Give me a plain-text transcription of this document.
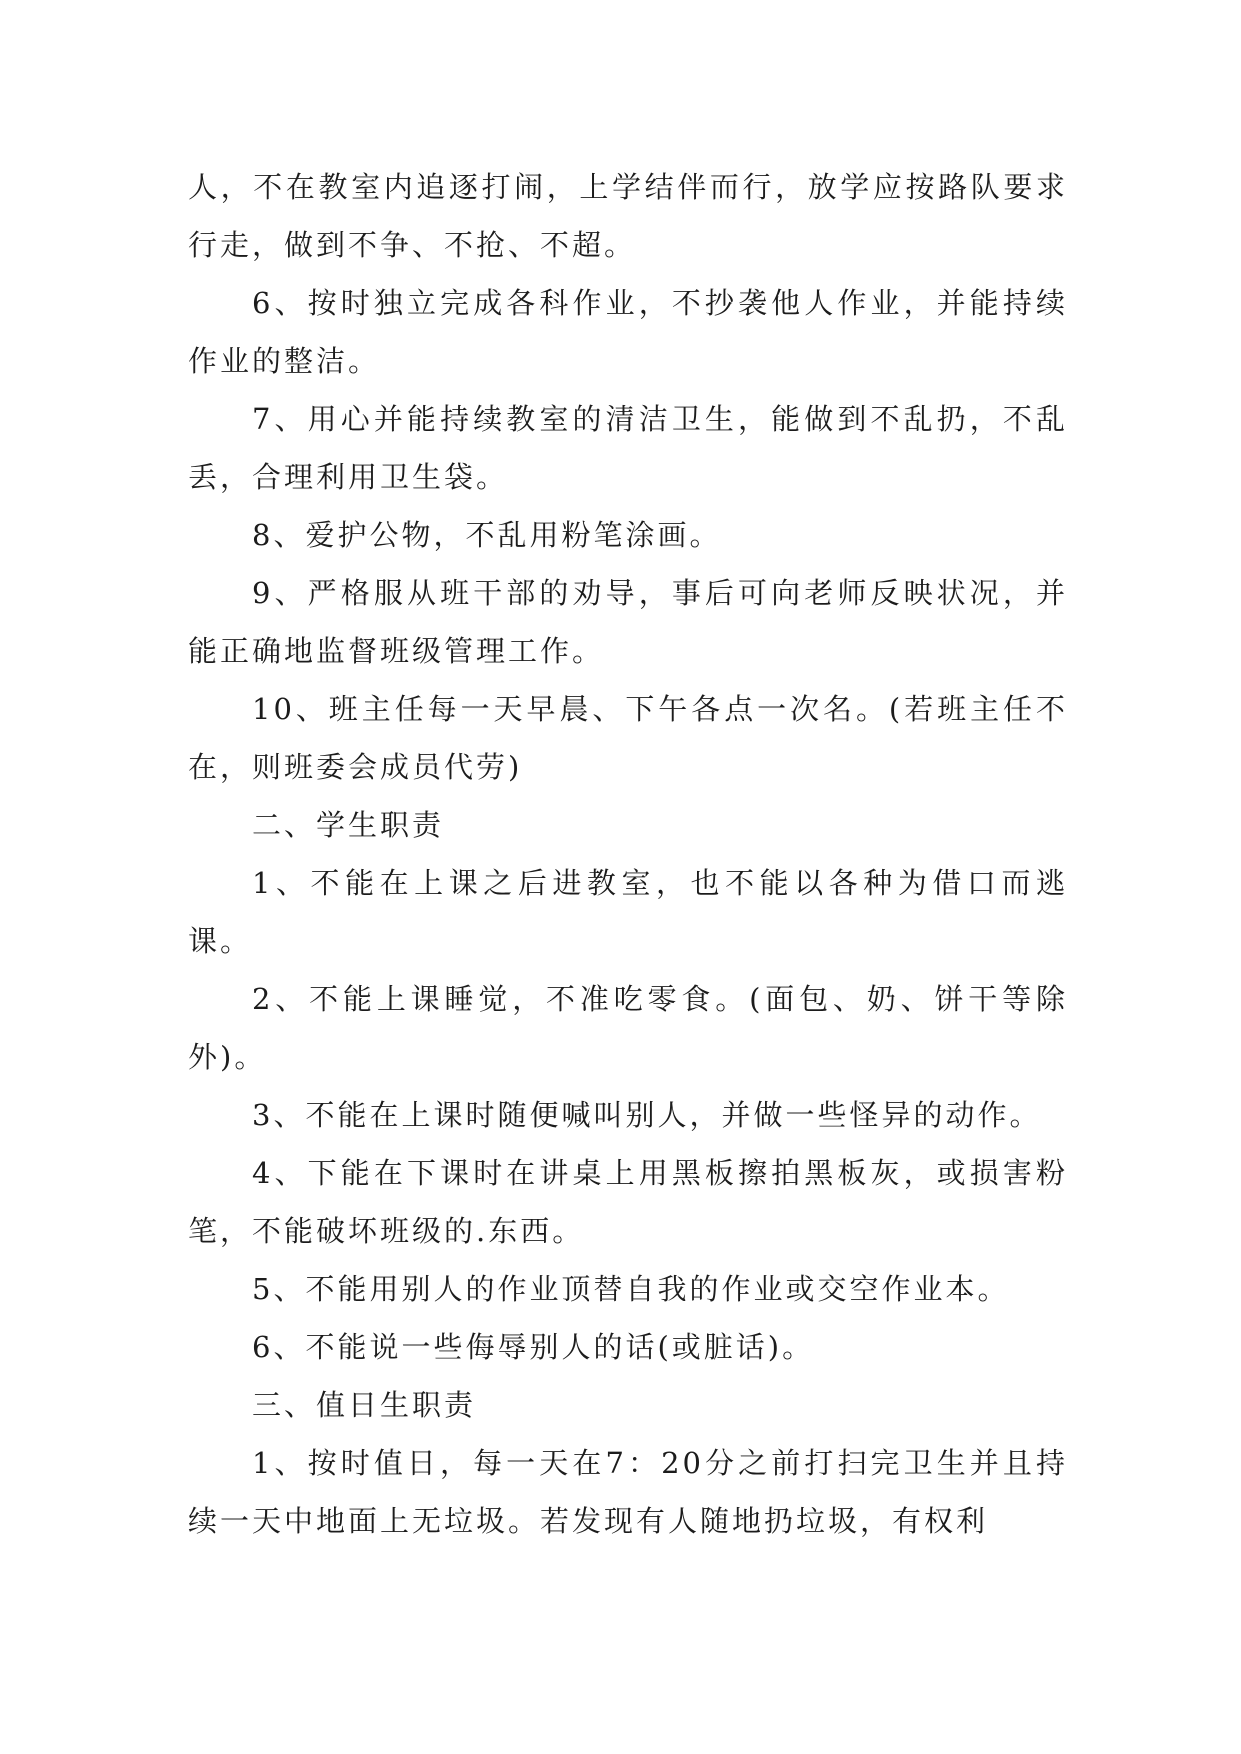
人，不在教室内追逐打闹，上学结伴而行，放学应按路队要求行走，做到不争、不抢、不超。

6、按时独立完成各科作业，不抄袭他人作业，并能持续作业的整洁。

7、用心并能持续教室的清洁卫生，能做到不乱扔，不乱丢，合理利用卫生袋。

8、爱护公物，不乱用粉笔涂画。

9、严格服从班干部的劝导，事后可向老师反映状况，并能正确地监督班级管理工作。

10、班主任每一天早晨、下午各点一次名。(若班主任不在，则班委会成员代劳)

二、学生职责

1、不能在上课之后进教室，也不能以各种为借口而逃课。

2、不能上课睡觉，不准吃零食。(面包、奶、饼干等除外)。

3、不能在上课时随便喊叫别人，并做一些怪异的动作。

4、下能在下课时在讲桌上用黑板擦拍黑板灰，或损害粉笔，不能破坏班级的.东西。

5、不能用别人的作业顶替自我的作业或交空作业本。

6、不能说一些侮辱别人的话(或脏话)。

三、值日生职责

1、按时值日，每一天在7：20分之前打扫完卫生并且持续一天中地面上无垃圾。若发现有人随地扔垃圾，有权利
